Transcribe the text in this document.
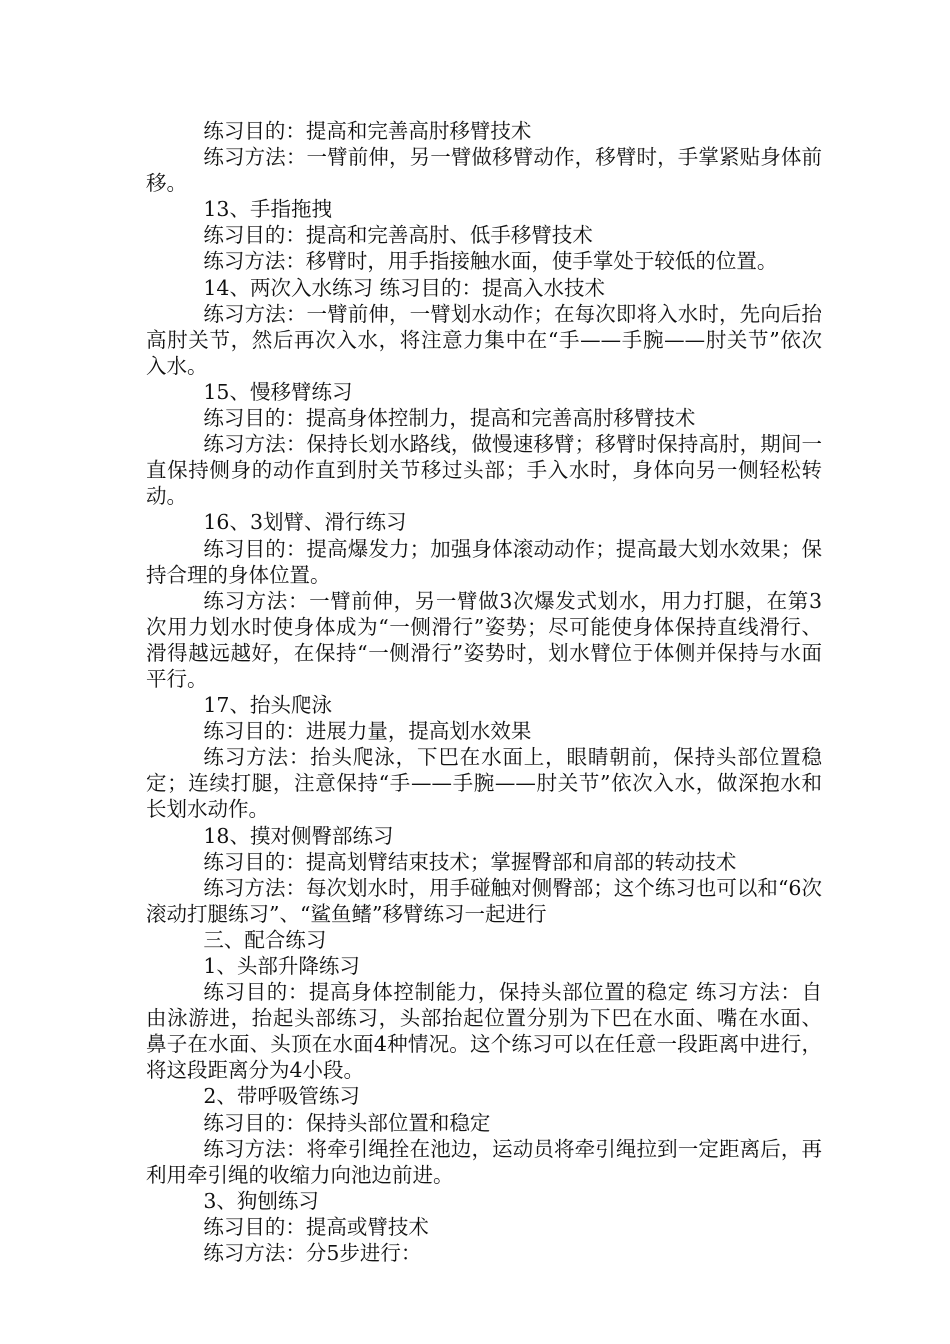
练习目的：提高和完善高肘移臂技术

练习方法：一臂前伸，另一臂做移臂动作，移臂时，手掌紧贴身体前移。

13、手指拖拽

练习目的：提高和完善高肘、低手移臂技术

练习方法：移臂时，用手指接触水面，使手掌处于较低的位置。

14、两次入水练习 练习目的：提高入水技术

练习方法：一臂前伸，一臂划水动作；在每次即将入水时，先向后抬高肘关节，然后再次入水，将注意力集中在“手——手腕——肘关节”依次入水。

15、慢移臂练习

练习目的：提高身体控制力，提高和完善高肘移臂技术

练习方法：保持长划水路线，做慢速移臂；移臂时保持高肘，期间一直保持侧身的动作直到肘关节移过头部；手入水时，身体向另一侧轻松转动。

16、3划臂、滑行练习

练习目的：提高爆发力；加强身体滚动动作；提高最大划水效果；保持合理的身体位置。

练习方法：一臂前伸，另一臂做3次爆发式划水，用力打腿，在第3次用力划水时使身体成为“一侧滑行”姿势；尽可能使身体保持直线滑行、滑得越远越好，在保持“一侧滑行”姿势时，划水臂位于体侧并保持与水面平行。

17、抬头爬泳

练习目的：进展力量，提高划水效果

练习方法：抬头爬泳，下巴在水面上，眼睛朝前，保持头部位置稳定；连续打腿，注意保持“手——手腕——肘关节”依次入水，做深抱水和长划水动作。

18、摸对侧臀部练习

练习目的：提高划臂结束技术；掌握臀部和肩部的转动技术

练习方法：每次划水时，用手碰触对侧臀部；这个练习也可以和“6次滚动打腿练习”、“鲨鱼鳍”移臂练习一起进行

三、配合练习

1、头部升降练习

练习目的：提高身体控制能力，保持头部位置的稳定 练习方法：自由泳游进，抬起头部练习，头部抬起位置分别为下巴在水面、嘴在水面、鼻子在水面、头顶在水面4种情况。这个练习可以在任意一段距离中进行，将这段距离分为4小段。

2、带呼吸管练习

练习目的：保持头部位置和稳定

练习方法：将牵引绳拴在池边，运动员将牵引绳拉到一定距离后，再利用牵引绳的收缩力向池边前进。

3、狗刨练习

练习目的：提高或臂技术

练习方法：分5步进行：
